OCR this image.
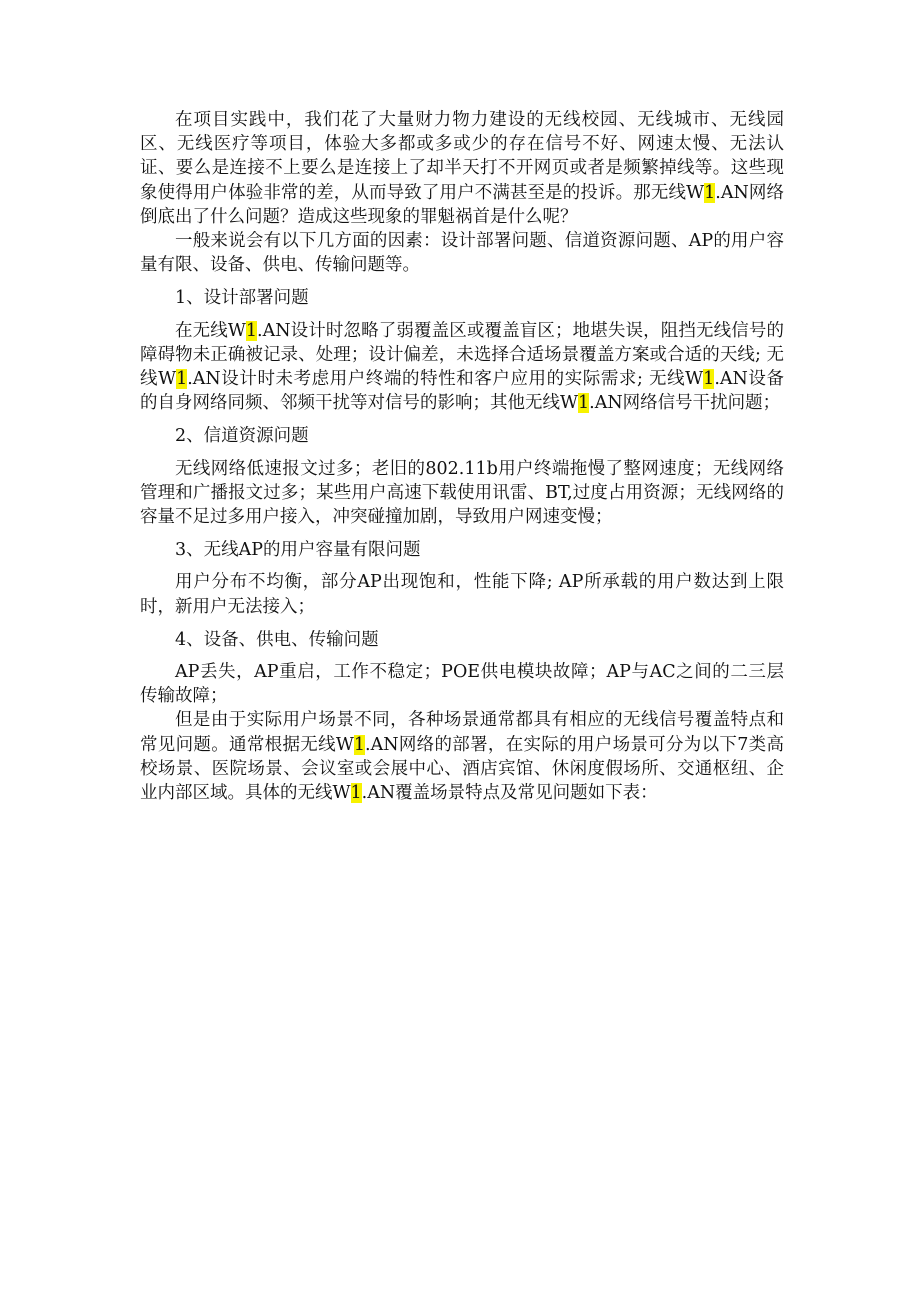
在项目实践中，我们花了大量财力物力建设的无线校园、无线城市、无线园区、无线医疗等项目，体验大多都或多或少的存在信号不好、网速太慢、无法认证、要么是连接不上要么是连接上了却半天打不开网页或者是频繁掉线等。这些现象使得用户体验非常的差，从而导致了用户不满甚至是的投诉。那无线W1.AN网络倒底出了什么问题？造成这些现象的罪魁祸首是什么呢？

一般来说会有以下几方面的因素：设计部署问题、信道资源问题、AP的用户容量有限、设备、供电、传输问题等。

1、设计部署问题

在无线W1.AN设计时忽略了弱覆盖区或覆盖盲区；地堪失误，阻挡无线信号的障碍物未正确被记录、处理；设计偏差，未选择合适场景覆盖方案或合适的天线; 无线W1.AN设计时未考虑用户终端的特性和客户应用的实际需求; 无线W1.AN设备的自身网络同频、邻频干扰等对信号的影响；其他无线W1.AN网络信号干扰问题；

2、信道资源问题

无线网络低速报文过多；老旧的802.11b用户终端拖慢了整网速度；无线网络管理和广播报文过多；某些用户高速下载使用讯雷、BT,过度占用资源；无线网络的容量不足过多用户接入，冲突碰撞加剧，导致用户网速变慢；

3、无线AP的用户容量有限问题

用户分布不均衡，部分AP出现饱和，性能下降; AP所承载的用户数达到上限时，新用户无法接入；

4、设备、供电、传输问题

AP丢失，AP重启，工作不稳定；POE供电模块故障；AP与AC之间的二三层传输故障；

但是由于实际用户场景不同，各种场景通常都具有相应的无线信号覆盖特点和常见问题。通常根据无线W1.AN网络的部署，在实际的用户场景可分为以下7类高校场景、医院场景、会议室或会展中心、酒店宾馆、休闲度假场所、交通枢纽、企业内部区域。具体的无线W1.AN覆盖场景特点及常见问题如下表：
